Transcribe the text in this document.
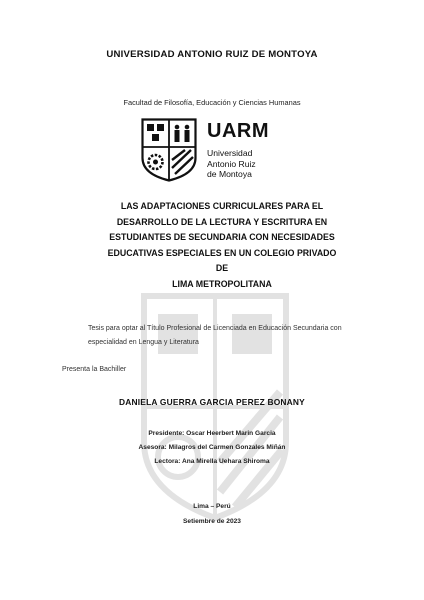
UNIVERSIDAD ANTONIO RUIZ DE MONTOYA
Facultad de Filosofía, Educación y Ciencias Humanas
UARM
Universidad
Antonio Ruiz
de Montoya
LAS ADAPTACIONES CURRICULARES PARA EL
DESARROLLO DE LA LECTURA Y ESCRITURA EN
ESTUDIANTES DE SECUNDARIA CON NECESIDADES
EDUCATIVAS ESPECIALES EN UN COLEGIO PRIVADO DE
LIMA METROPOLITANA
Tesis para optar al Título Profesional de Licenciada en Educación Secundaria con
especialidad en Lengua y Literatura
Presenta la Bachiller
DANIELA GUERRA GARCIA PEREZ BONANY
Presidente: Oscar Heerbert Marin Garcia
Asesora: Milagros del Carmen Gonzales Miñán
Lectora: Ana Mirella Uehara Shiroma
Lima – Perú
Setiembre de 2023
